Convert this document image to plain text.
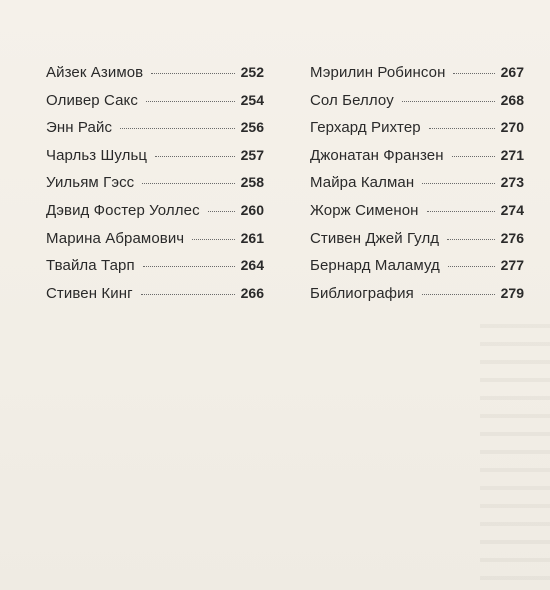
Айзек Азимов	252
Оливер Сакс	254
Энн Райс	256
Чарльз Шульц	257
Уильям Гэсс	258
Дэвид Фостер Уоллес	260
Марина Абрамович	261
Твайла Тарп	264
Стивен Кинг	266
Мэрилин Робинсон	267
Сол Беллоу	268
Герхард Рихтер	270
Джонатан Франзен	271
Майра Калман	273
Жорж Сименон	274
Стивен Джей Гулд	276
Бернард Маламуд	277
Библиография	279
